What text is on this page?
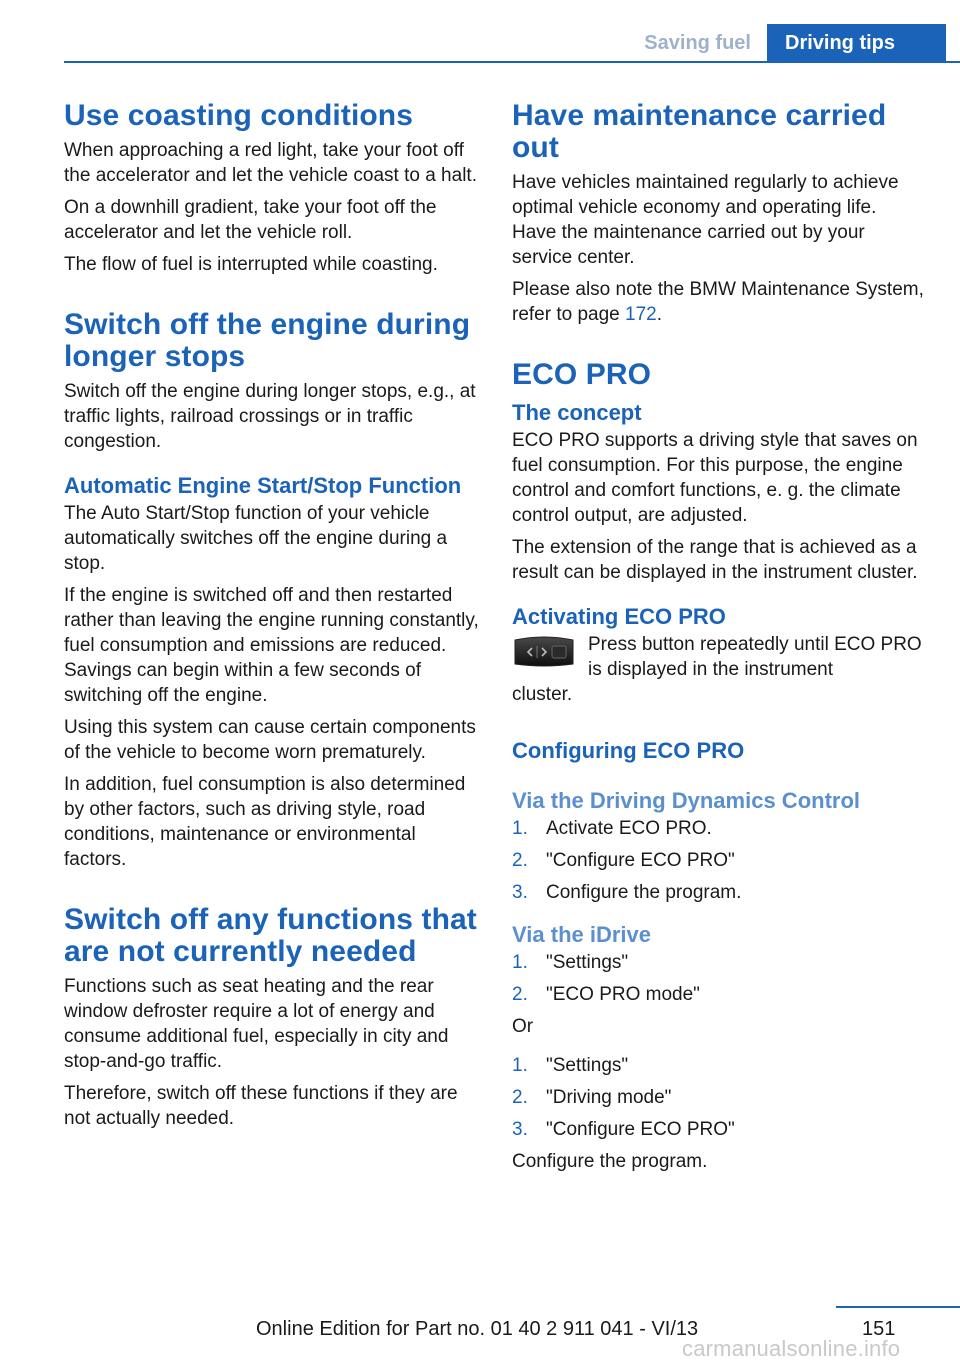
Saving fuel	Driving tips
Use coasting conditions

When approaching a red light, take your foot off the accelerator and let the vehicle coast to a halt.

On a downhill gradient, take your foot off the accelerator and let the vehicle roll.

The flow of fuel is interrupted while coasting.

Switch off the engine during longer stops

Switch off the engine during longer stops, e.g., at traffic lights, railroad crossings or in traffic congestion.

Automatic Engine Start/Stop Function

The Auto Start/Stop function of your vehicle automatically switches off the engine during a stop.

If the engine is switched off and then restarted rather than leaving the engine running constantly, fuel consumption and emissions are reduced. Savings can begin within a few seconds of switching off the engine.

Using this system can cause certain components of the vehicle to become worn prematurely.

In addition, fuel consumption is also determined by other factors, such as driving style, road conditions, maintenance or environmental factors.

Switch off any functions that are not currently needed

Functions such as seat heating and the rear window defroster require a lot of energy and consume additional fuel, especially in city and stop-and-go traffic.

Therefore, switch off these functions if they are not actually needed.

Have maintenance carried out

Have vehicles maintained regularly to achieve optimal vehicle economy and operating life. Have the maintenance carried out by your service center.

Please also note the BMW Maintenance System, refer to page 172.

ECO PRO
The concept

ECO PRO supports a driving style that saves on fuel consumption. For this purpose, the engine control and comfort functions, e. g. the climate control output, are adjusted.

The extension of the range that is achieved as a result can be displayed in the instrument cluster.

Activating ECO PRO
Press button repeatedly until ECO PRO is displayed in the instrument

cluster.

Configuring ECO PRO
Via the Driving Dynamics Control
1. Activate ECO PRO.
2. "Configure ECO PRO"
3. Configure the program.
Via the iDrive
1. "Settings"
2. "ECO PRO mode"

Or

1. "Settings"
2. "Driving mode"
3. "Configure ECO PRO"

Configure the program.

151
Online Edition for Part no. 01 40 2 911 041 - VI/13
carmanualsonline.info
